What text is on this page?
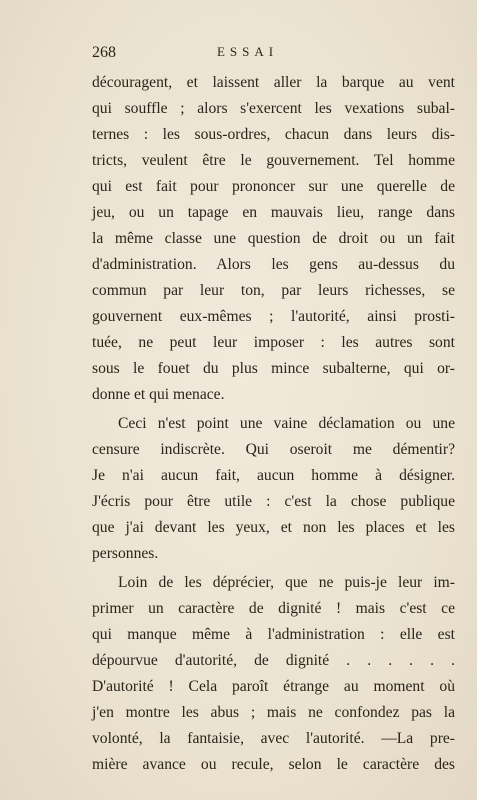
268	ESSAI
découragent, et laissent aller la barque au vent
qui souffle ; alors s'exercent les vexations subal-
ternes : les sous-ordres, chacun dans leurs dis-
tricts, veulent être le gouvernement. Tel homme
qui est fait pour prononcer sur une querelle de
jeu, ou un tapage en mauvais lieu, range dans
la même classe une question de droit ou un fait
d'administration. Alors les gens au-dessus du
commun par leur ton, par leurs richesses, se
gouvernent eux-mêmes ; l'autorité, ainsi prosti-
tuée, ne peut leur imposer : les autres sont
sous le fouet du plus mince subalterne, qui or-
donne et qui menace.
Ceci n'est point une vaine déclamation ou une
censure indiscrète. Qui oseroit me démentir?
Je n'ai aucun fait, aucun homme à désigner.
J'écris pour être utile : c'est la chose publique
que j'ai devant les yeux, et non les places et les
personnes.
Loin de les déprécier, que ne puis-je leur im-
primer un caractère de dignité ! mais c'est ce
qui manque même à l'administration : elle est
dépourvue d'autorité, de dignité . . . . . .
D'autorité ! Cela paroît étrange au moment où
j'en montre les abus ; mais ne confondez pas la
volonté, la fantaisie, avec l'autorité. —La pre-
mière avance ou recule, selon le caractère des
